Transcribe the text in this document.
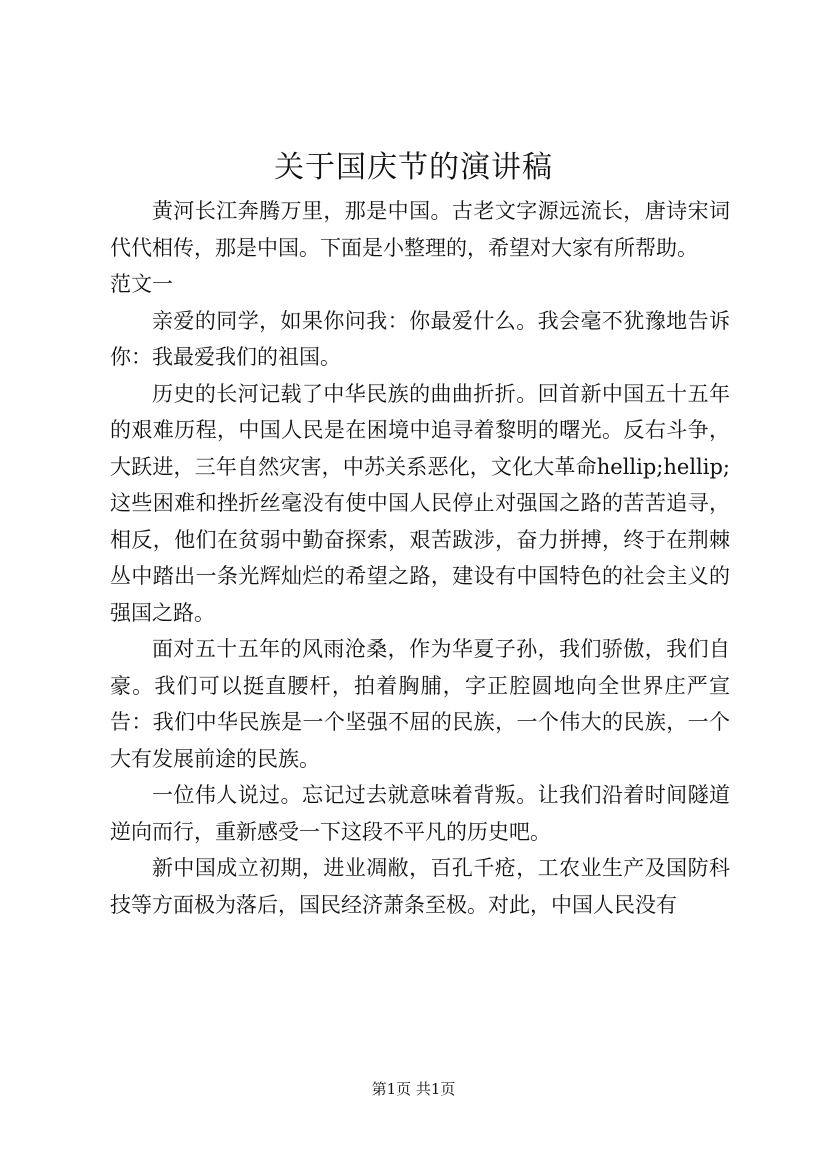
关于国庆节的演讲稿

黄河长江奔腾万里，那是中国。古老文字源远流长，唐诗宋词代代相传，那是中国。下面是小整理的，希望对大家有所帮助。

范文一

亲爱的同学，如果你问我：你最爱什么。我会毫不犹豫地告诉你：我最爱我们的祖国。

历史的长河记载了中华民族的曲曲折折。回首新中国五十五年的艰难历程，中国人民是在困境中追寻着黎明的曙光。反右斗争，大跃进，三年自然灾害，中苏关系恶化，文化大革命hellip;hellip;这些困难和挫折丝毫没有使中国人民停止对强国之路的苦苦追寻，相反，他们在贫弱中勤奋探索，艰苦跋涉，奋力拼搏，终于在荆棘丛中踏出一条光辉灿烂的希望之路，建设有中国特色的社会主义的强国之路。

面对五十五年的风雨沧桑，作为华夏子孙，我们骄傲，我们自豪。我们可以挺直腰杆，拍着胸脯，字正腔圆地向全世界庄严宣告：我们中华民族是一个坚强不屈的民族，一个伟大的民族，一个大有发展前途的民族。

一位伟人说过。忘记过去就意味着背叛。让我们沿着时间隧道逆向而行，重新感受一下这段不平凡的历史吧。

新中国成立初期，进业凋敝，百孔千疮，工农业生产及国防科技等方面极为落后，国民经济萧条至极。对此，中国人民没有

第1页 共1页
